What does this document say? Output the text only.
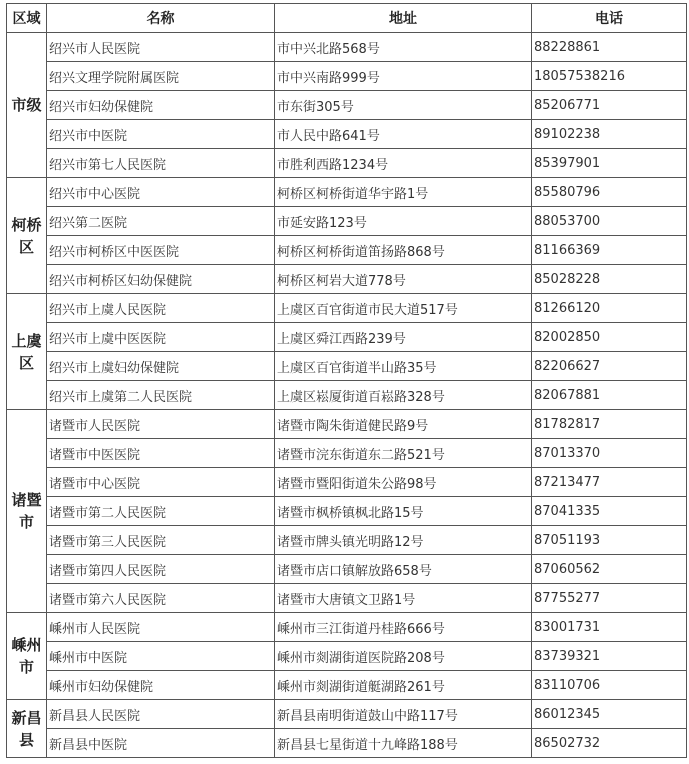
区域	名称	地址	电话
市级	绍兴市人民医院	市中兴北路568号	88228861
	绍兴文理学院附属医院	市中兴南路999号	18057538216
	绍兴市妇幼保健院	市东街305号	85206771
	绍兴市中医院	市人民中路641号	89102238
	绍兴市第七人民医院	市胜利西路1234号	85397901
柯桥区	绍兴市中心医院	柯桥区柯桥街道华宇路1号	85580796
	绍兴第二医院	市延安路123号	88053700
	绍兴市柯桥区中医医院	柯桥区柯桥街道笛扬路868号	81166369
	绍兴市柯桥区妇幼保健院	柯桥区柯岩大道778号	85028228
上虞区	绍兴市上虞人民医院	上虞区百官街道市民大道517号	81266120
	绍兴市上虞中医医院	上虞区舜江西路239号	82002850
	绍兴市上虞妇幼保健院	上虞区百官街道半山路35号	82206627
	绍兴市上虞第二人民医院	上虞区崧厦街道百崧路328号	82067881
诸暨市	诸暨市人民医院	诸暨市陶朱街道健民路9号	81782817
	诸暨市中医医院	诸暨市浣东街道东二路521号	87013370
	诸暨市中心医院	诸暨市暨阳街道朱公路98号	87213477
	诸暨市第二人民医院	诸暨市枫桥镇枫北路15号	87041335
	诸暨市第三人民医院	诸暨市牌头镇光明路12号	87051193
	诸暨市第四人民医院	诸暨市店口镇解放路658号	87060562
	诸暨市第六人民医院	诸暨市大唐镇文卫路1号	87755277
嵊州市	嵊州市人民医院	嵊州市三江街道丹桂路666号	83001731
	嵊州市中医院	嵊州市剡湖街道医院路208号	83739321
	嵊州市妇幼保健院	嵊州市剡湖街道艇湖路261号	83110706
新昌县	新昌县人民医院	新昌县南明街道鼓山中路117号	86012345
	新昌县中医院	新昌县七星街道十九峰路188号	86502732
